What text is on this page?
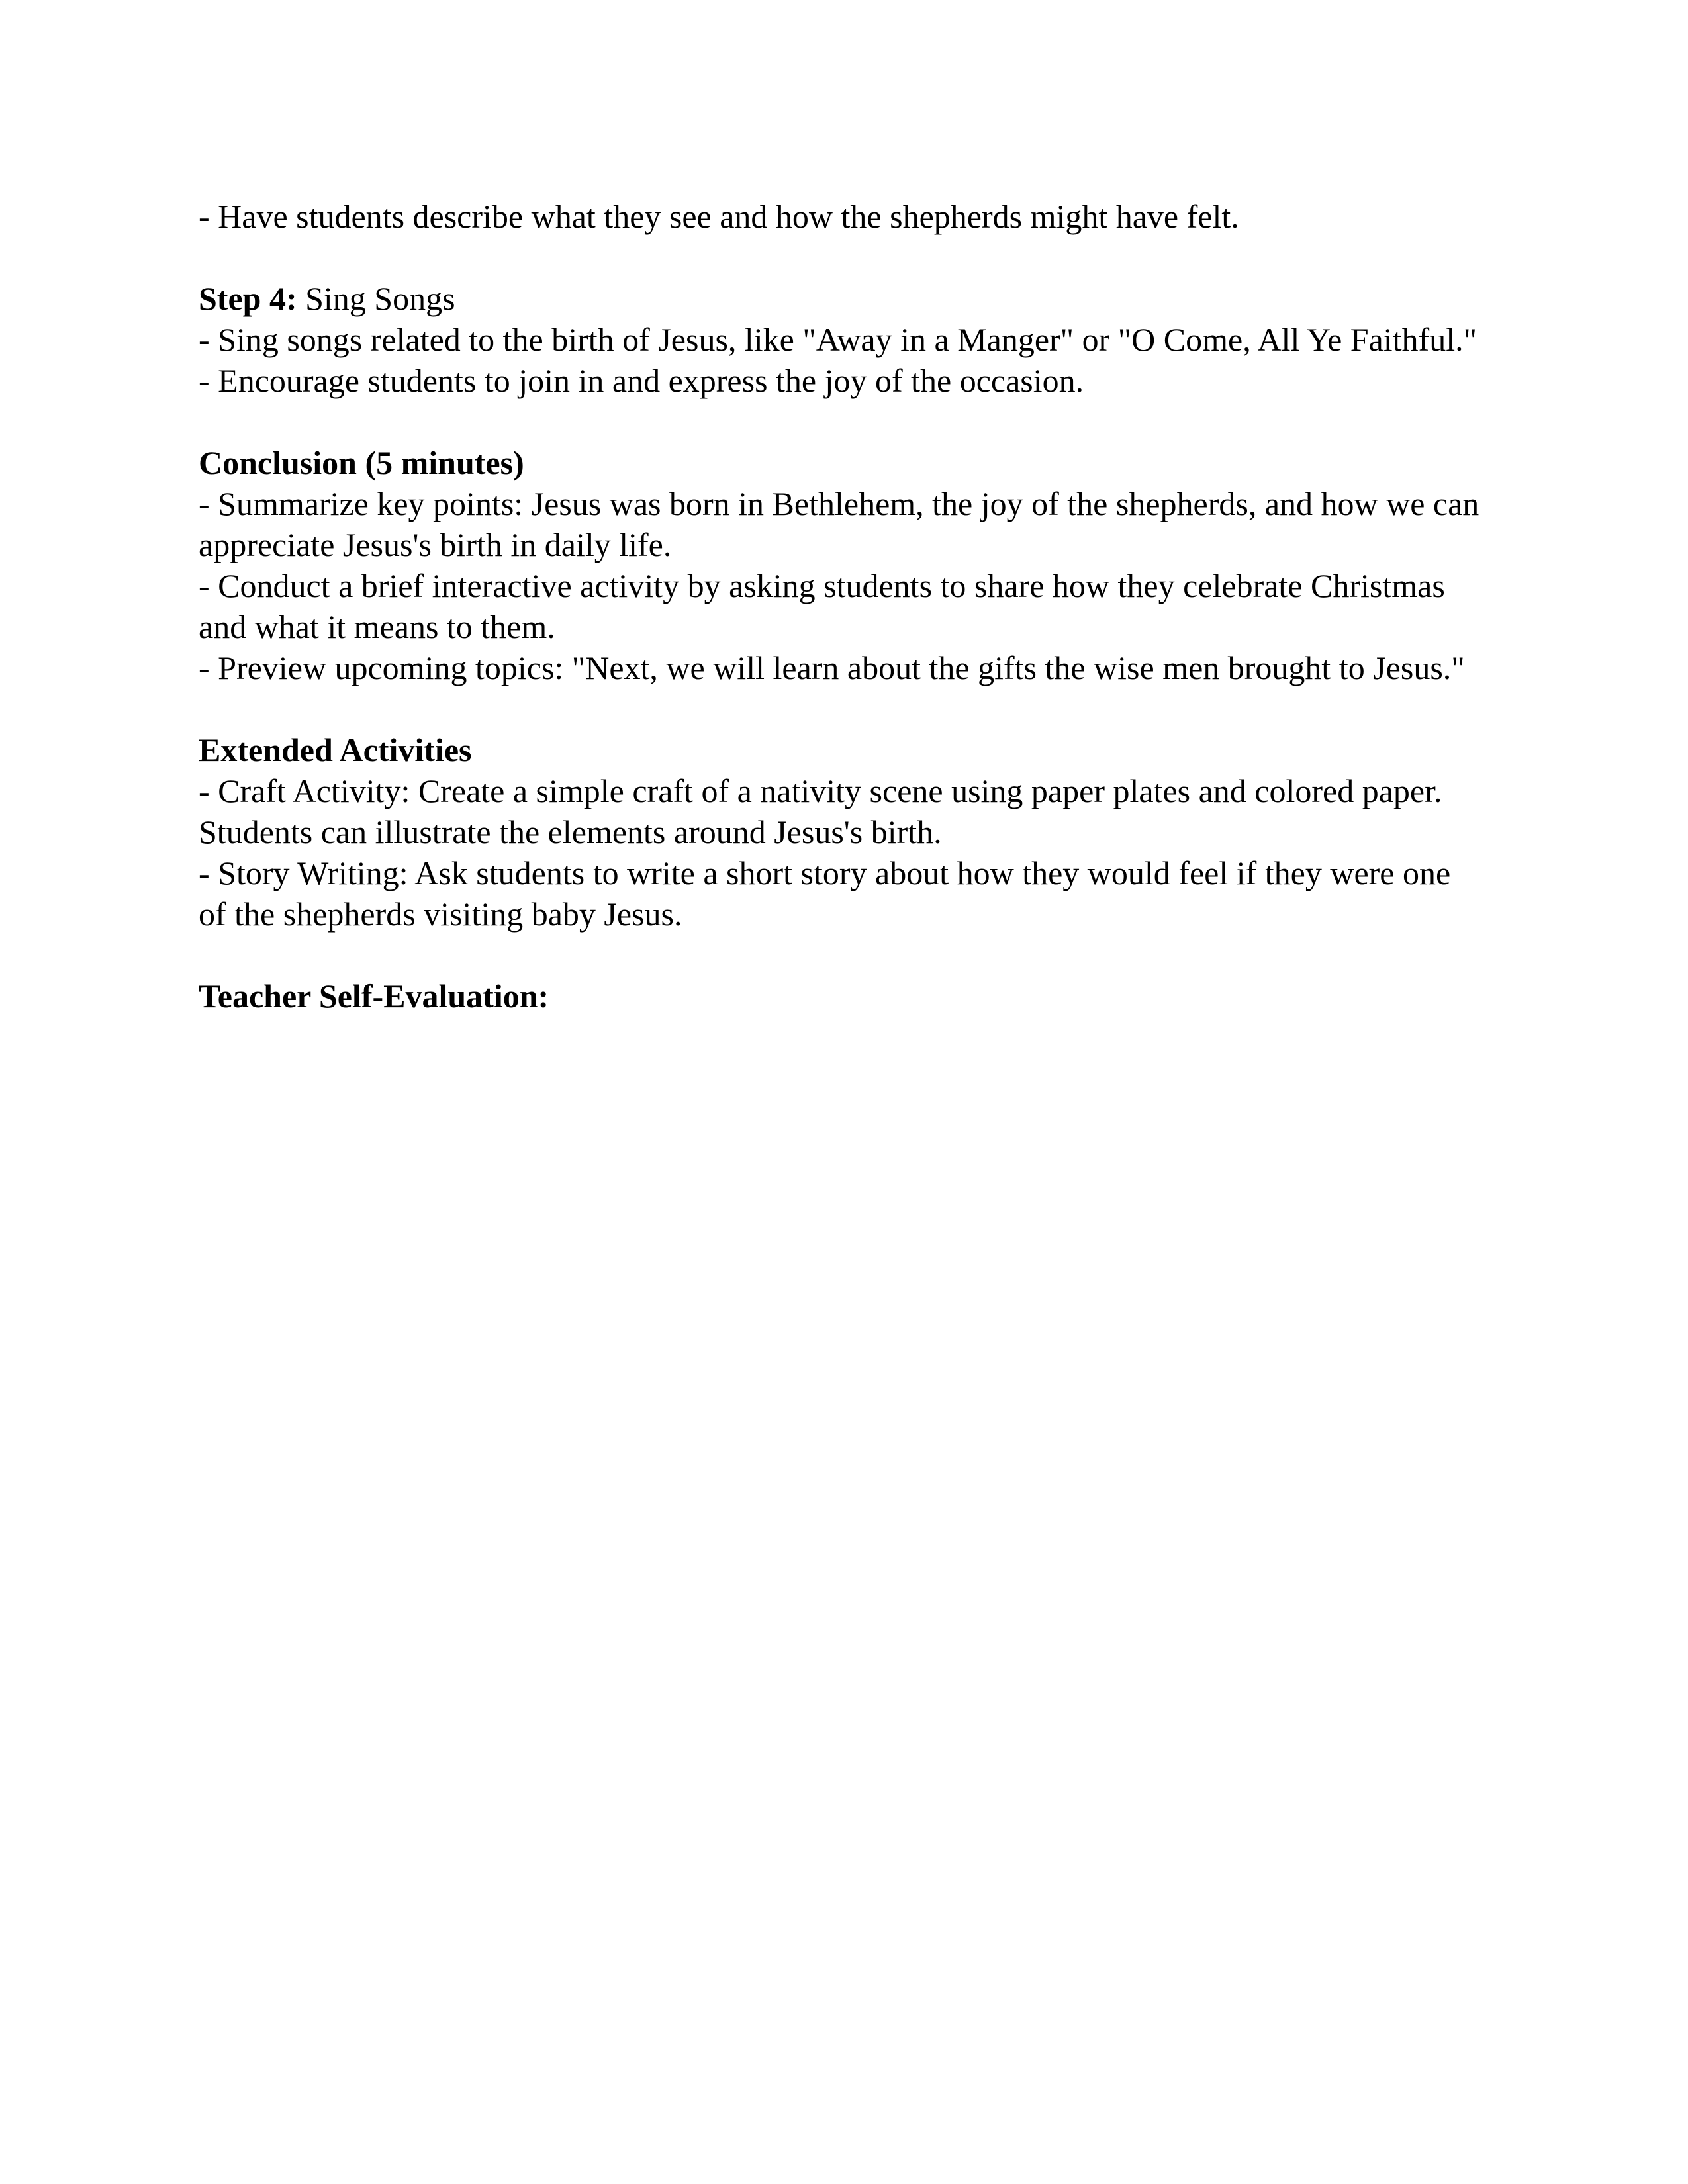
- Have students describe what they see and how the shepherds might have felt.

Step 4: Sing Songs

- Sing songs related to the birth of Jesus, like "Away in a Manger" or "O Come, All Ye Faithful."

- Encourage students to join in and express the joy of the occasion.

Conclusion (5 minutes)

- Summarize key points: Jesus was born in Bethlehem, the joy of the shepherds, and how we can

appreciate Jesus's birth in daily life.

- Conduct a brief interactive activity by asking students to share how they celebrate Christmas

and what it means to them.

- Preview upcoming topics: "Next, we will learn about the gifts the wise men brought to Jesus."

Extended Activities

- Craft Activity: Create a simple craft of a nativity scene using paper plates and colored paper.

Students can illustrate the elements around Jesus's birth.

- Story Writing: Ask students to write a short story about how they would feel if they were one

of the shepherds visiting baby Jesus.

Teacher Self-Evaluation:
